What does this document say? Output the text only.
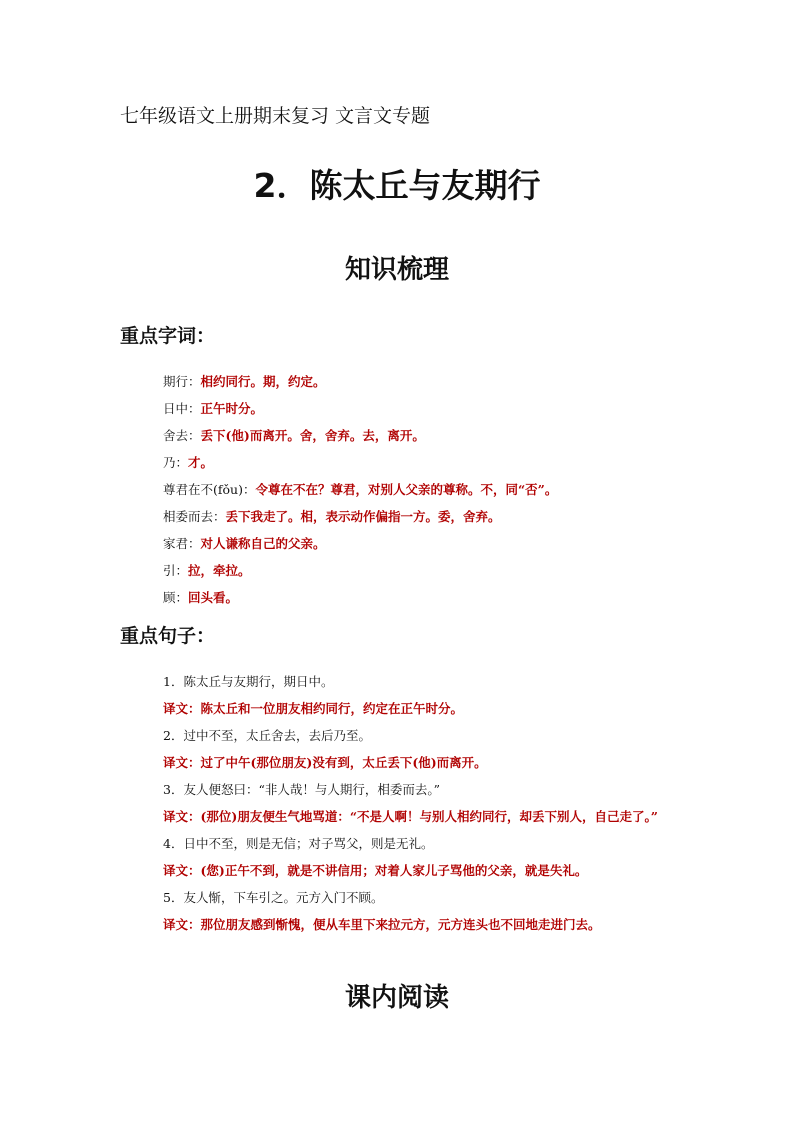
七年级语文上册期末复习 文言文专题
2．陈太丘与友期行
知识梳理
重点字词：
期行：相约同行。期，约定。
日中：正午时分。
舍去：丢下(他)而离开。舍，舍弃。去，离开。
乃：才。
尊君在不(fǒu)：令尊在不在？尊君，对别人父亲的尊称。不，同“否”。
相委而去：丢下我走了。相，表示动作偏指一方。委，舍弃。
家君：对人谦称自己的父亲。
引：拉，牵拉。
顾：回头看。
重点句子：
1．陈太丘与友期行，期日中。
译文：陈太丘和一位朋友相约同行，约定在正午时分。
2．过中不至，太丘舍去，去后乃至。
译文：过了中午(那位朋友)没有到，太丘丢下(他)而离开。
3．友人便怒曰：“非人哉！与人期行，相委而去。”
译文：(那位)朋友便生气地骂道：“不是人啊！与别人相约同行，却丢下别人，自己走了。”
4．日中不至，则是无信；对子骂父，则是无礼。
译文：(您)正午不到，就是不讲信用；对着人家儿子骂他的父亲，就是失礼。
5．友人惭，下车引之。元方入门不顾。
译文：那位朋友感到惭愧，便从车里下来拉元方，元方连头也不回地走进门去。
课内阅读
